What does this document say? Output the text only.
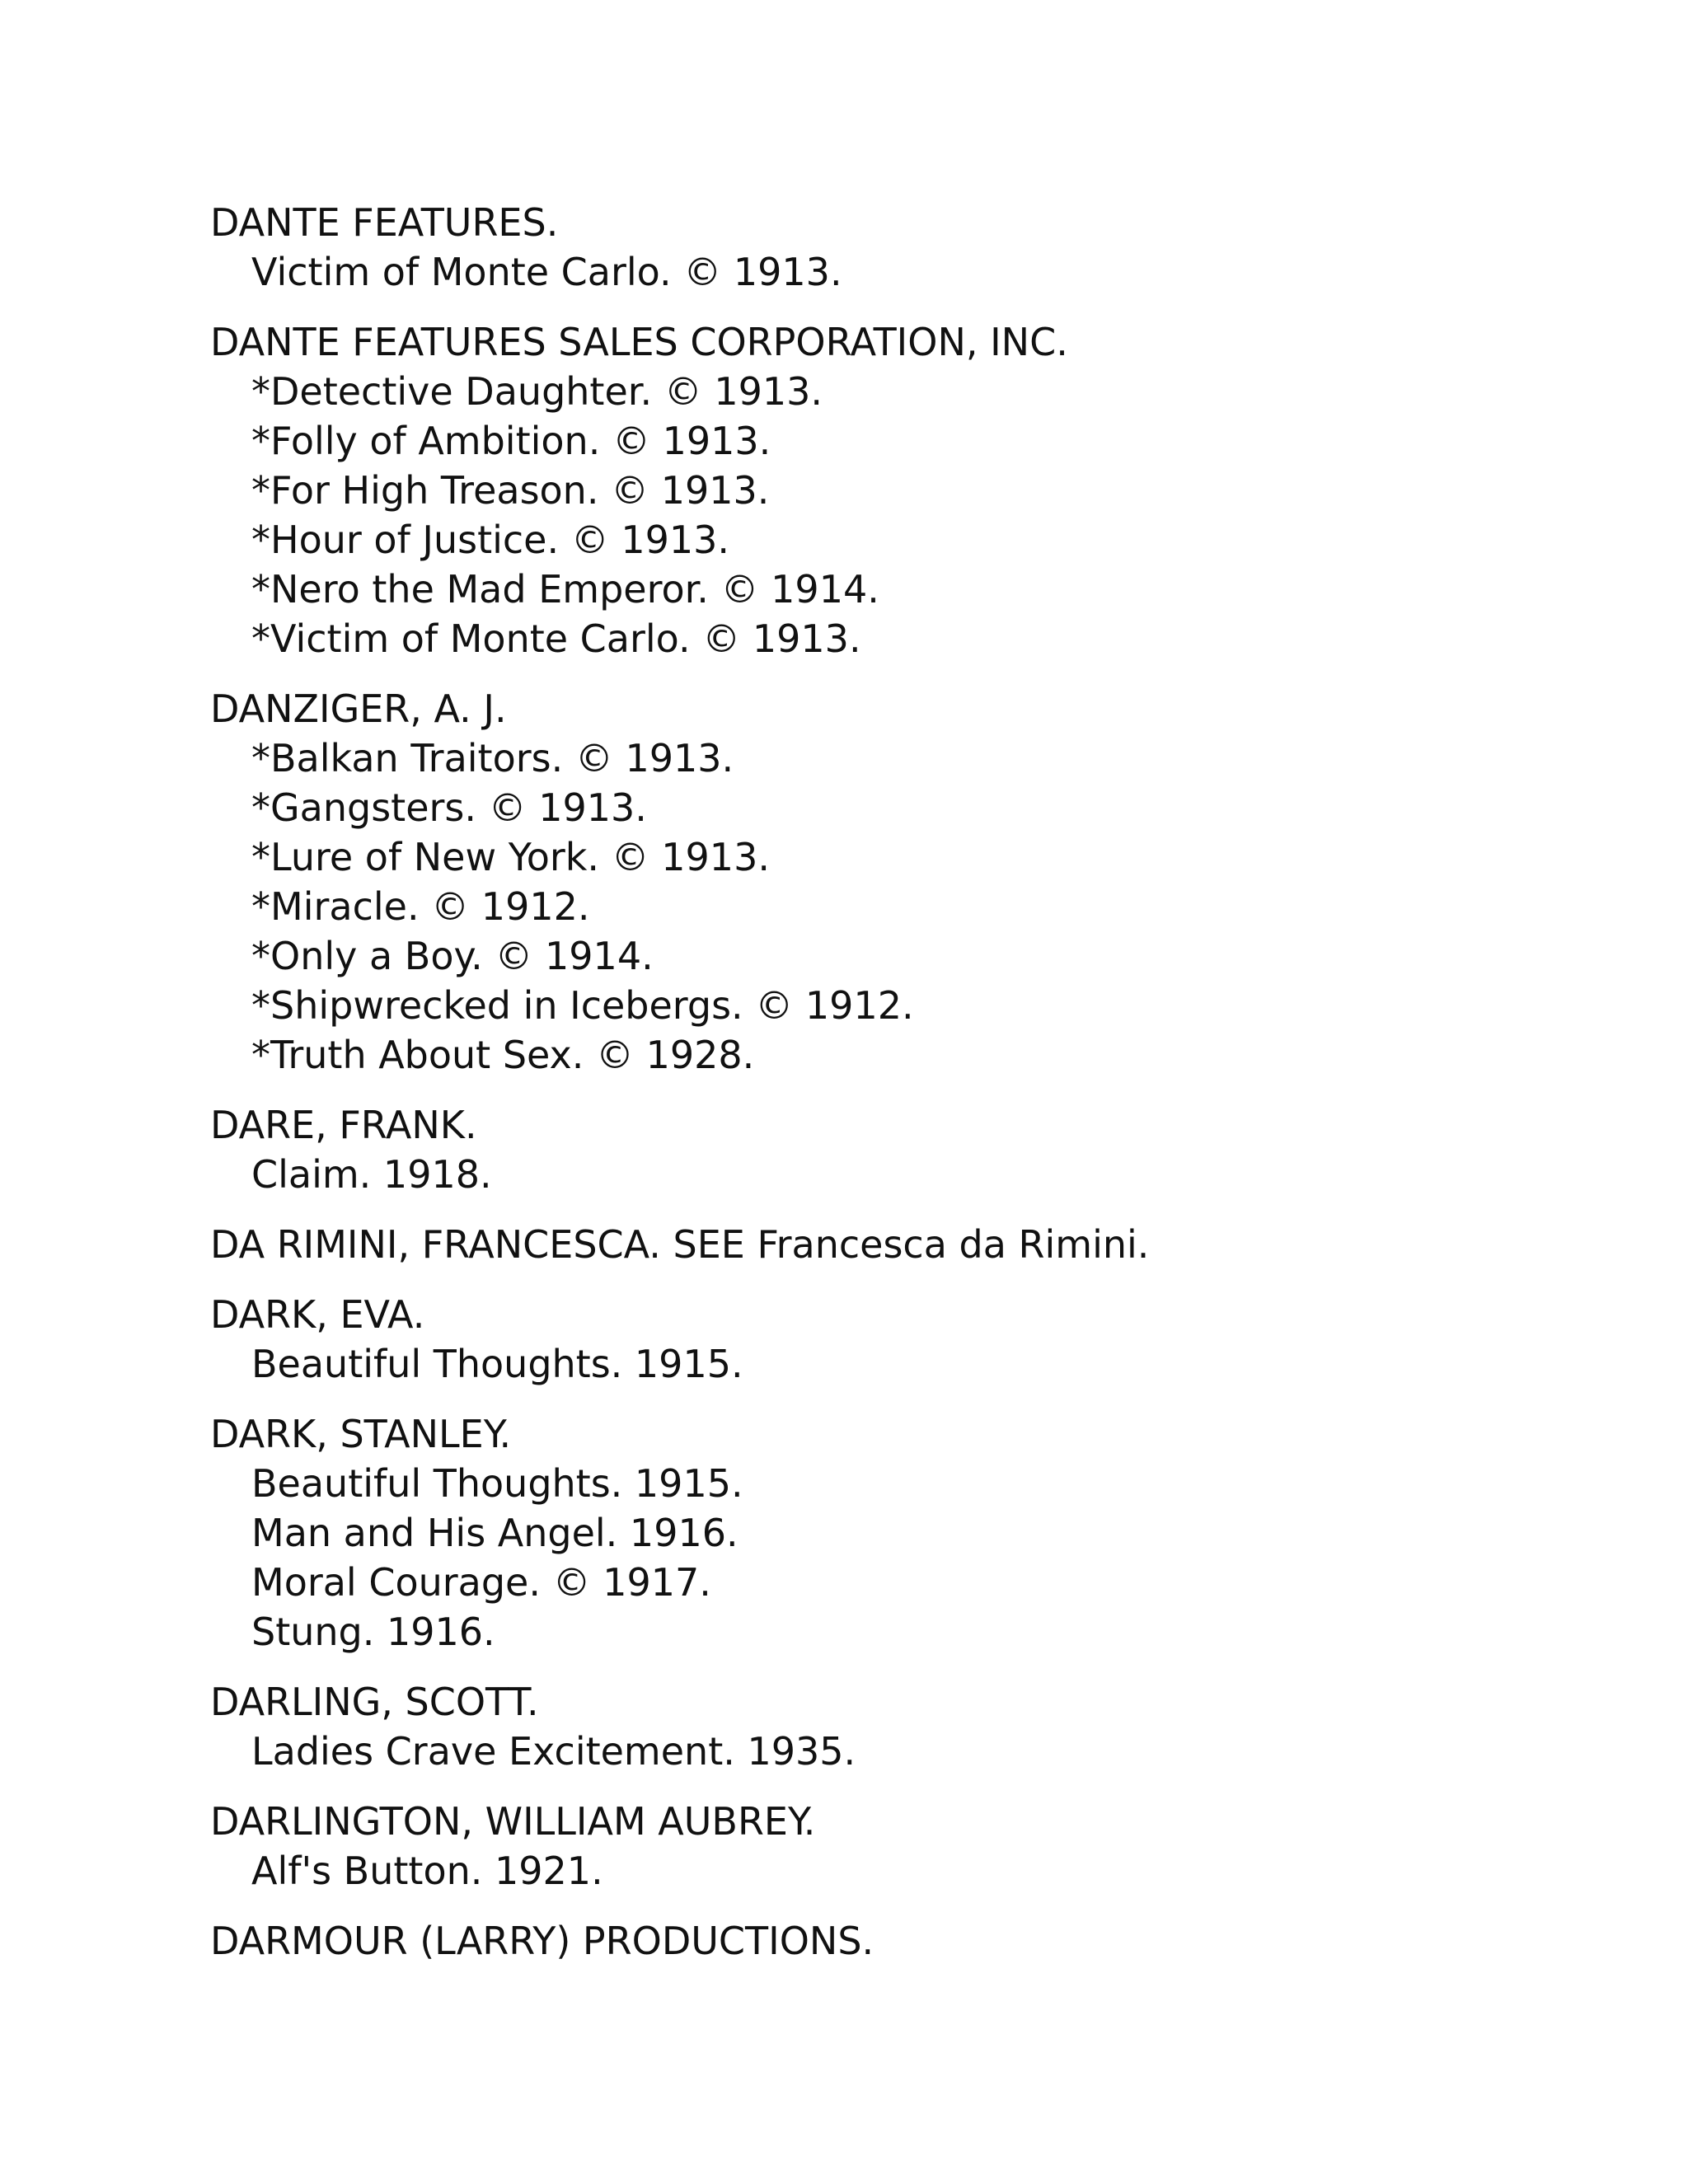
DANTE FEATURES.
Victim of Monte Carlo. © 1913.
DANTE FEATURES SALES CORPORATION, INC.
*Detective Daughter. © 1913.
*Folly of Ambition. © 1913.
*For High Treason. © 1913.
*Hour of Justice. © 1913.
*Nero the Mad Emperor. © 1914.
*Victim of Monte Carlo. © 1913.
DANZIGER, A. J.
*Balkan Traitors. © 1913.
*Gangsters. © 1913.
*Lure of New York. © 1913.
*Miracle. © 1912.
*Only a Boy. © 1914.
*Shipwrecked in Icebergs. © 1912.
*Truth About Sex. © 1928.
DARE, FRANK.
Claim. 1918.
DA RIMINI, FRANCESCA. SEE Francesca da Rimini.
DARK, EVA.
Beautiful Thoughts. 1915.
DARK, STANLEY.
Beautiful Thoughts. 1915.
Man and His Angel. 1916.
Moral Courage. © 1917.
Stung. 1916.
DARLING, SCOTT.
Ladies Crave Excitement. 1935.
DARLINGTON, WILLIAM AUBREY.
Alf's Button. 1921.
DARMOUR (LARRY) PRODUCTIONS.
